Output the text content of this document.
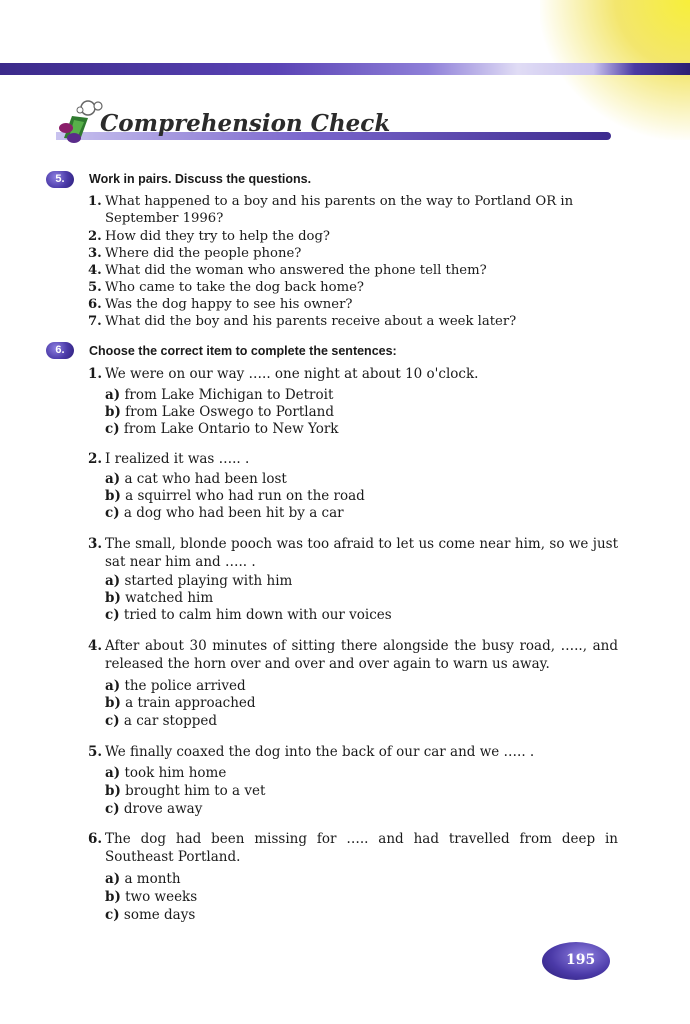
Comprehension Check
5.	Work in pairs. Discuss the questions.
1. What happened to a boy and his parents on the way to Portland OR in September 1996?
2. How did they try to help the dog?
3. Where did the people phone?
4. What did the woman who answered the phone tell them?
5. Who came to take the dog back home?
6. Was the dog happy to see his owner?
7. What did the boy and his parents receive about a week later?
6.	Choose the correct item to complete the sentences:
1. We were on our way ….. one night at about 10 o'clock.
a) from Lake Michigan to Detroit
b) from Lake Oswego to Portland
c) from Lake Ontario to New York
2. I realized it was ….. .
a) a cat who had been lost
b) a squirrel who had run on the road
c) a dog who had been hit by a car
3. The small, blonde pooch was too afraid to let us come near him, so we just sat near him and ….. .
a) started playing with him
b) watched him
c) tried to calm him down with our voices
4. After about 30 minutes of sitting there alongside the busy road, ….., and released the horn over and over and over again to warn us away.
a) the police arrived
b) a train approached
c) a car stopped
5. We finally coaxed the dog into the back of our car and we ….. .
a) took him home
b) brought him to a vet
c) drove away
6. The dog had been missing for ….. and had travelled from deep in Southeast Portland.
a) a month
b) two weeks
c) some days
195
